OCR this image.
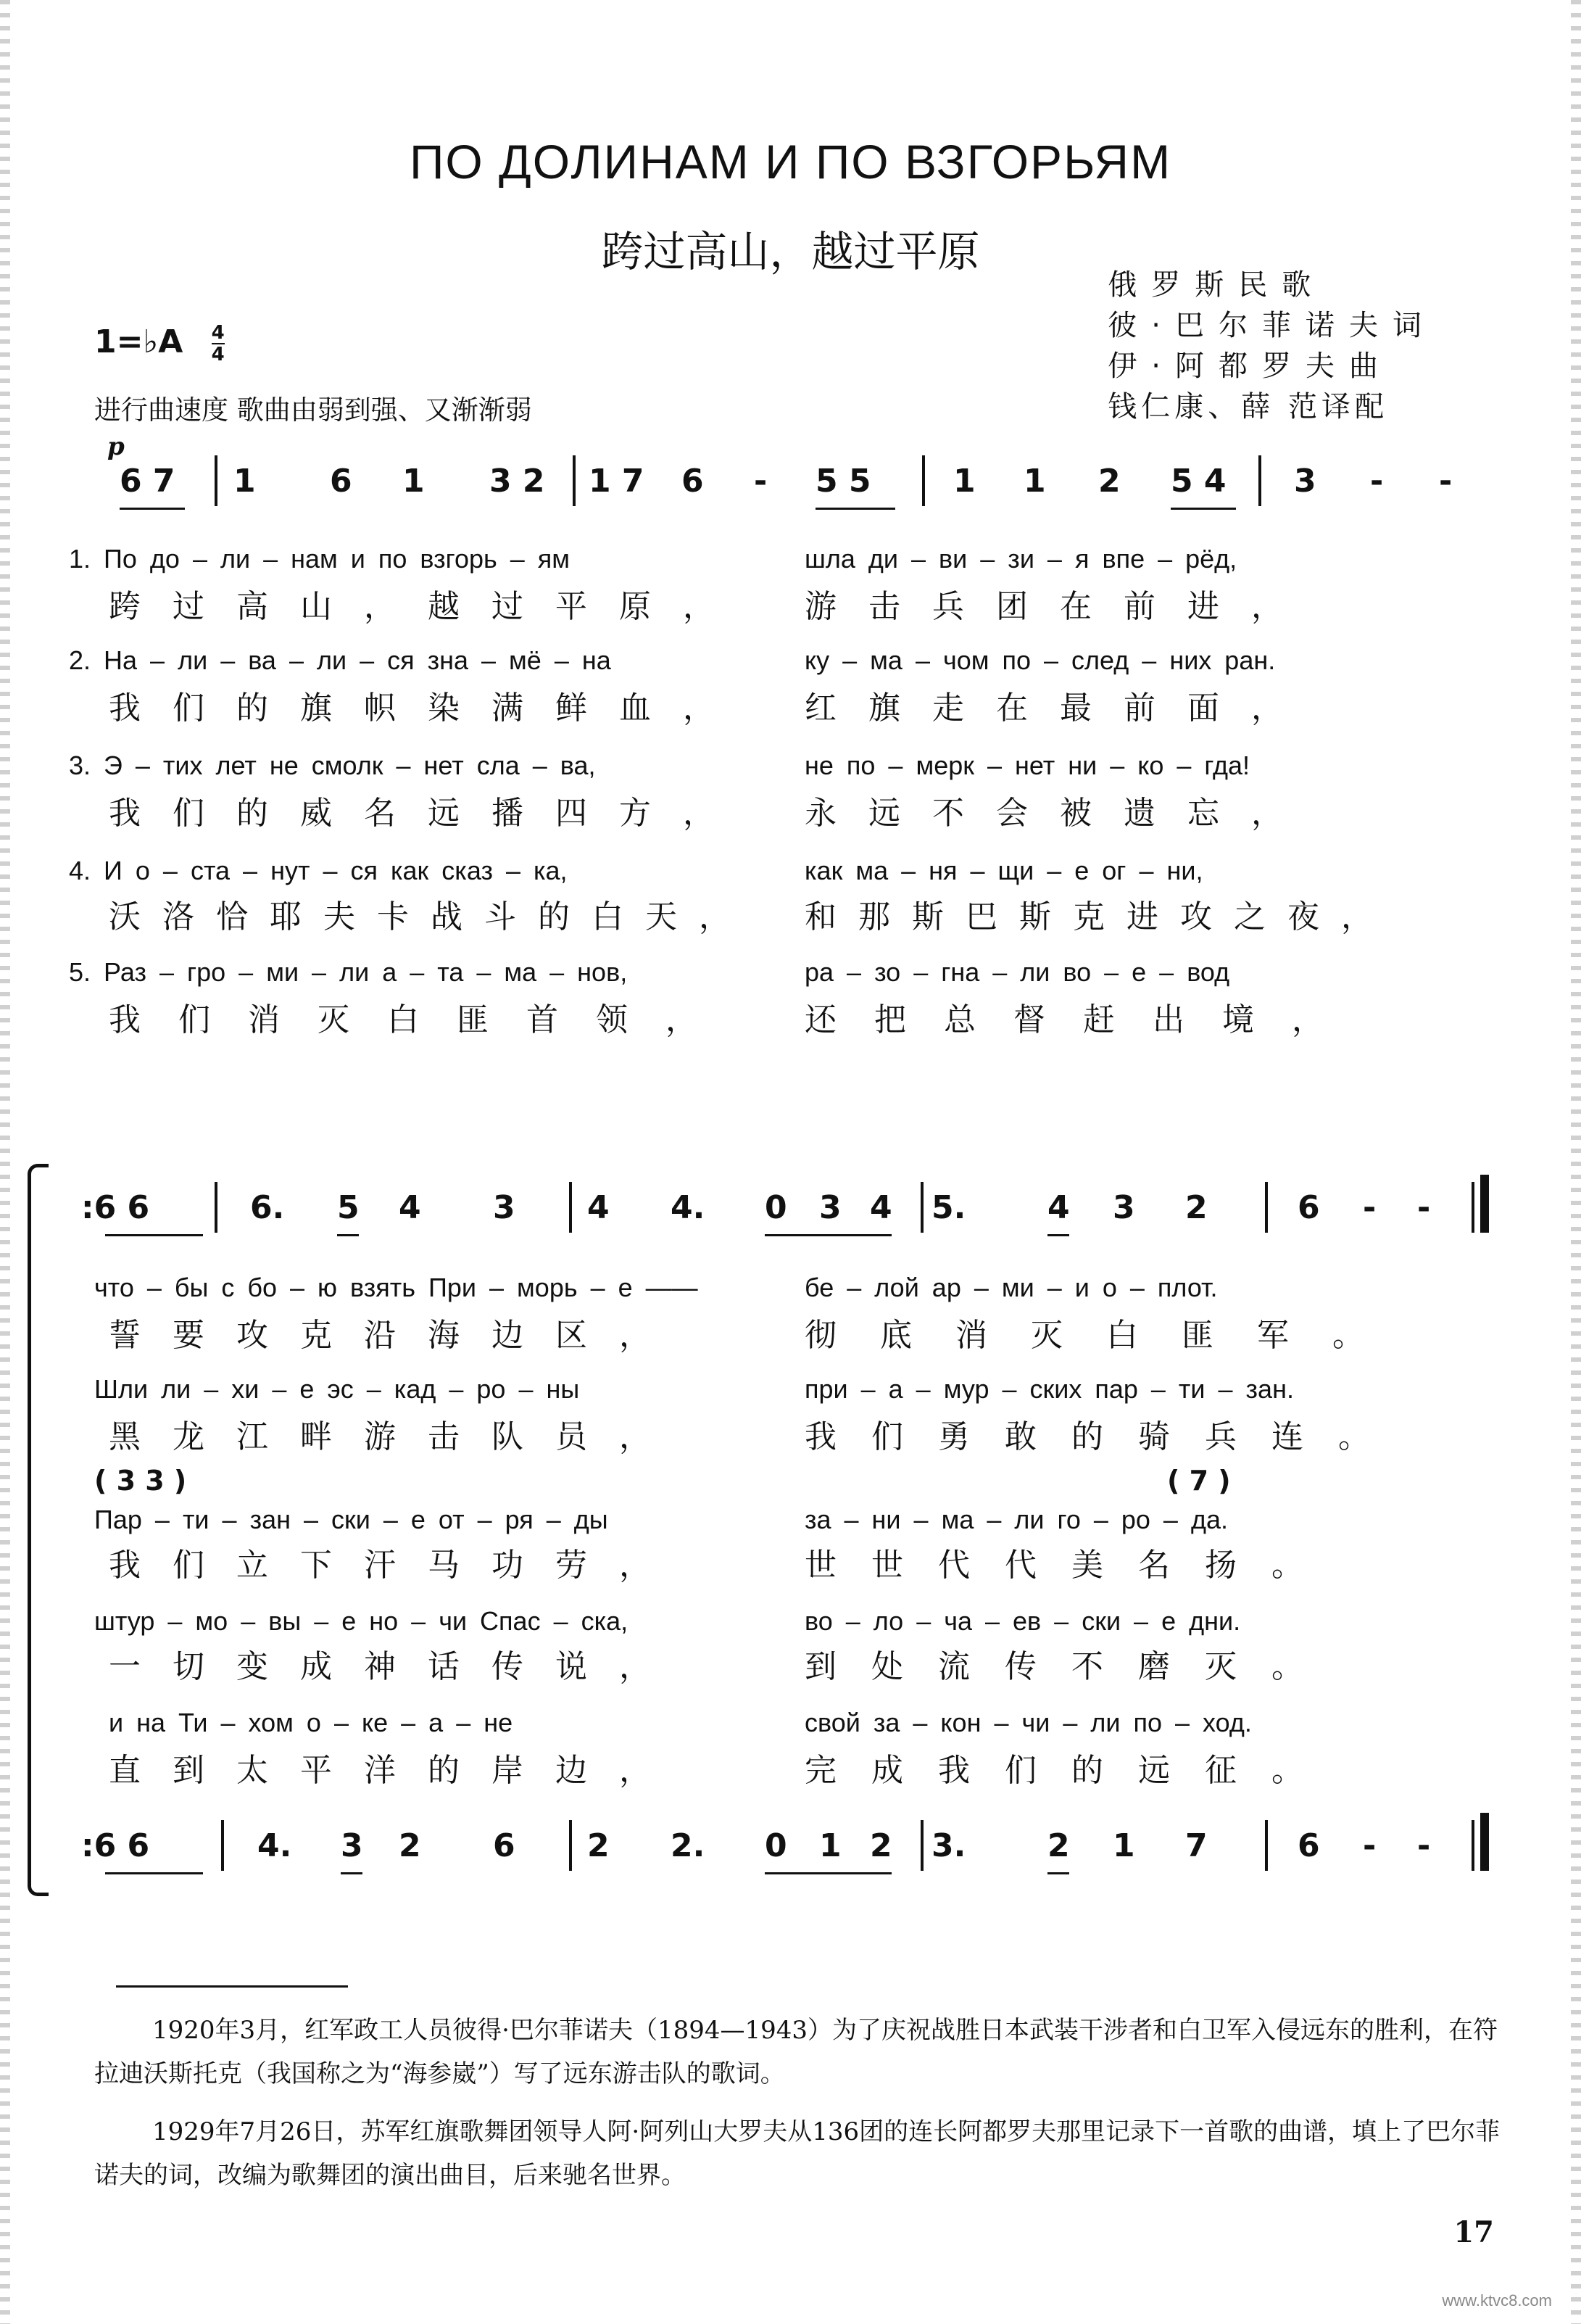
ПО ДОЛИНАМ И ПО ВЗГОРЬЯМ
跨过高山，越过平原
俄罗斯民歌
彼·巴尔菲诺夫词
伊·阿都罗夫曲
钱仁康、薛 范译配
1=♭A $\frac{4}{4}$
进行曲速度 歌曲由弱到强、又渐渐弱
p
6 7 1 6 1 3 2 1 7 6 - 5 5	1 1 2 5 4 3 - -
1. По до – ли – нам и по взгорь – ям	шла ди – ви – зи – я впе – рёд,
跨过高山，越过平原， 游击兵团在前进，
2. На – ли – ва – ли – ся зна – мё – на	ку – ма – чом по – след – них ран.
我们的旗帜染满鲜血， 红旗走在最前面，
3. Э – тих лет не смолк – нет сла – ва,	не по – мерк – нет ни – ко – гда!
我们的威名远播四方， 永远不会被遗忘，
4. И о – ста – нут – ся как сказ – ка,	как ма – ня – щи – е ог – ни,
沃洛恰耶夫卡战斗的白天， 和那斯巴斯克进攻之夜，
5. Раз – гро – ми – ли а – та – ма – нов,	ра – зо – гна – ли во – е – вод
我们消灭白匪首领， 还把总督赶出境，
:6 6	6. 5 4 3 4 4. 0 3 4 5.	4 3 2	6 - -
что – бы с бо – ю взять При – морь – е ——	бе – лой ар – ми – и о – плот.
誓要攻克沿海边区，	彻底消灭白匪军。
Шли ли – хи – е эс – кад – ро – ны	при – а – мур – ских пар – ти – зан.
黑龙江畔游击队员，	我们勇敢的骑兵连。
( 3 3 )	( 7 )
Пар – ти – зан – ски – е от – ря – ды	за – ни – ма – ли го – ро – да.
我们立下汗马功劳，	世世代代美名扬。
штур – мо – вы – е но – чи Спас – ска,	во – ло – ча – ев – ски – е дни.
一切变成神话传说，	到处流传不磨灭。
и на Ти – хом о – ке – а – не	свой за – кон – чи – ли по – ход.
直到太平洋的岸边，	完成我们的远征。
:6 6	4. 3 2 6 2 2. 0 1 2 3.	2 1 7	6 - -
1920年3月，红军政工人员彼得·巴尔菲诺夫（1894—1943）为了庆祝战胜日本武装干涉者和白卫军入侵远东的胜利，在符拉迪沃斯托克（我国称之为“海参崴”）写了远东游击队的歌词。
1929年7月26日，苏军红旗歌舞团领导人阿·阿列山大罗夫从136团的连长阿都罗夫那里记录下一首歌的曲谱，填上了巴尔菲诺夫的词，改编为歌舞团的演出曲目，后来驰名世界。
17
www.ktvc8.com
